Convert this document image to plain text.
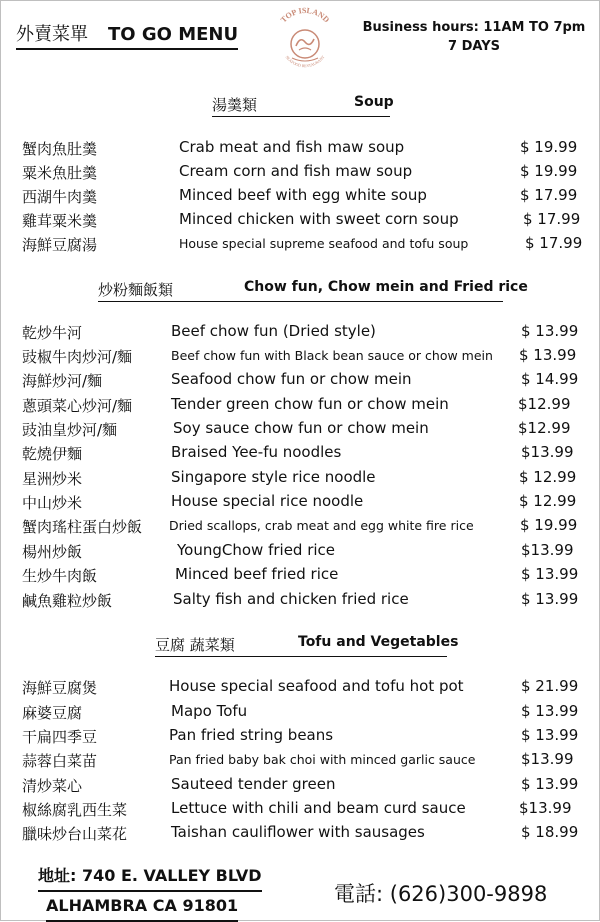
外賣菜單 TO GO MENU
TOP ISLAND
SEAFOOD RESTAURANT
Business hours: 11AM TO 7pm
7 DAYS
湯羹類	Soup
蟹肉魚肚羹	Crab meat and fish maw soup	$ 19.99
粟米魚肚羹	Cream corn and fish maw soup	$ 19.99
西湖牛肉羹	Minced beef with egg white soup	$ 17.99
雞茸粟米羹	Minced chicken with sweet corn soup	$ 17.99
海鮮豆腐湯	House special supreme seafood and tofu soup	$ 17.99
炒粉麵飯類	Chow fun, Chow mein and Fried rice
乾炒牛河	Beef chow fun (Dried style)	$ 13.99
豉椒牛肉炒河/麵	Beef chow fun with Black bean sauce or chow mein $ 13.99
海鮮炒河/麵	Seafood chow fun or chow mein	$ 14.99
蔥頭菜心炒河/麵	Tender green chow fun or chow mein	$12.99
豉油皇炒河/麵	Soy sauce chow fun or chow mein	$12.99
乾燒伊麵	Braised Yee-fu noodles	$13.99
星洲炒米	Singapore style rice noodle	$ 12.99
中山炒米	House special rice noodle	$ 12.99
蟹肉瑤柱蛋白炒飯 Dried scallops, crab meat and egg white fire rice	$ 19.99
楊州炒飯	YoungChow fried rice	$13.99
生炒牛肉飯	Minced beef fried rice	$ 13.99
鹹魚雞粒炒飯	Salty fish and chicken fried rice	$ 13.99
豆腐 蔬菜類	Tofu and Vegetables
海鮮豆腐煲	House special seafood and tofu hot pot	$ 21.99
麻婆豆腐	Mapo Tofu	$ 13.99
干扁四季豆	Pan fried string beans	$ 13.99
蒜蓉白菜苗	Pan fried baby bak choi with minced garlic sauce	$13.99
清炒菜心	Sauteed tender green	$ 13.99
椒絲腐乳西生菜	Lettuce with chili and beam curd sauce	$13.99
臘味炒台山菜花	Taishan cauliflower with sausages	$ 18.99
地址: 740 E. VALLEY BLVD
ALHAMBRA CA 91801	電話: (626)300-9898
